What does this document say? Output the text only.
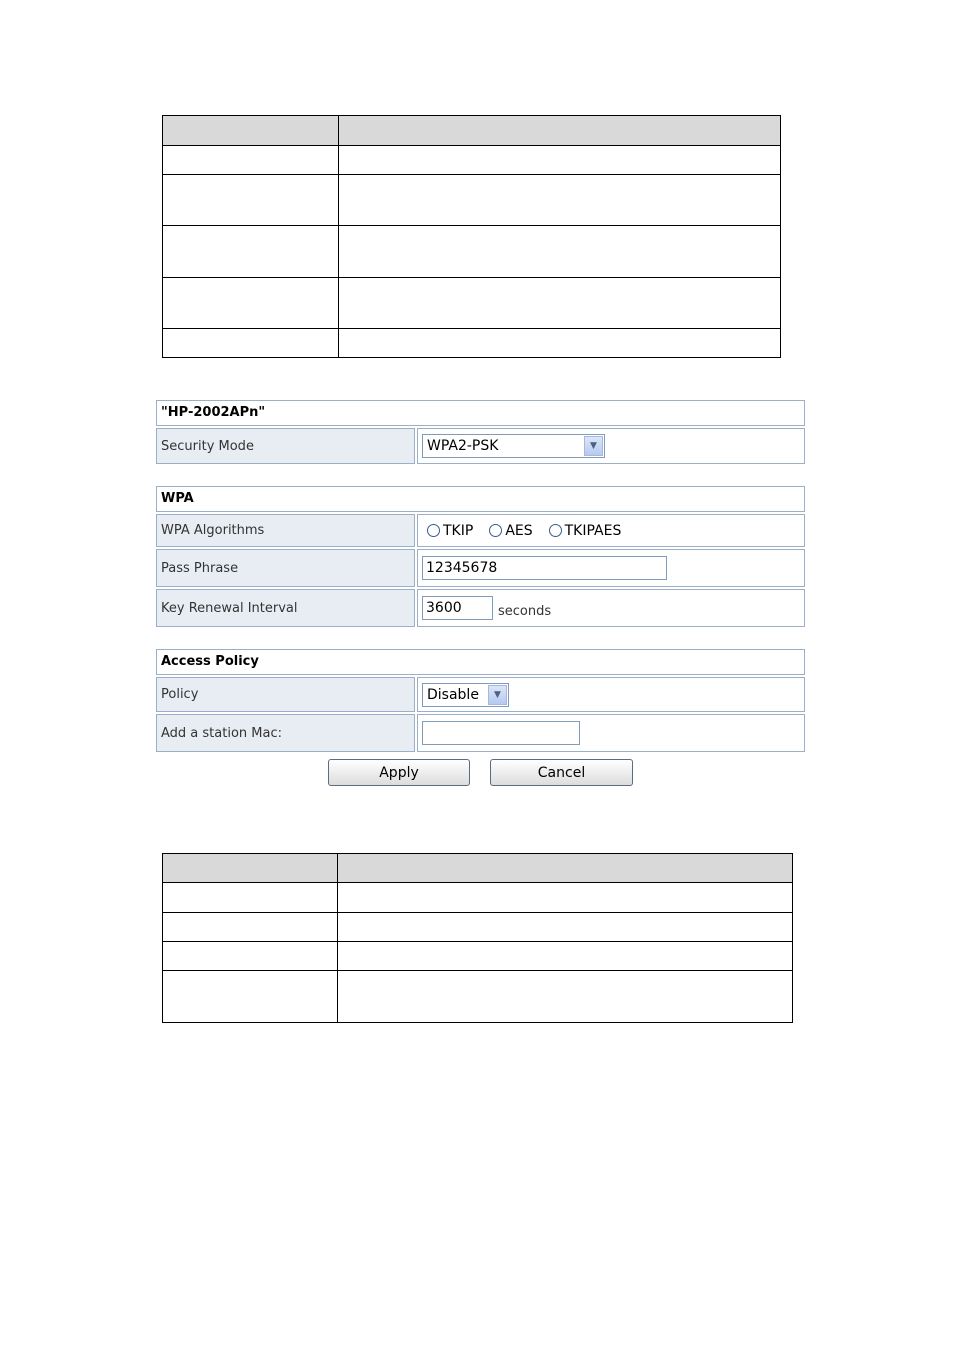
"HP-2002APn"
Security Mode	WPA2-PSK	▼
WPA
WPA Algorithms	TKIP AES TKIPAES
Pass Phrase	12345678
Key Renewal Interval	3600	seconds
Access Policy
Policy	Disable	▼
Add a station Mac:
Apply	Cancel
